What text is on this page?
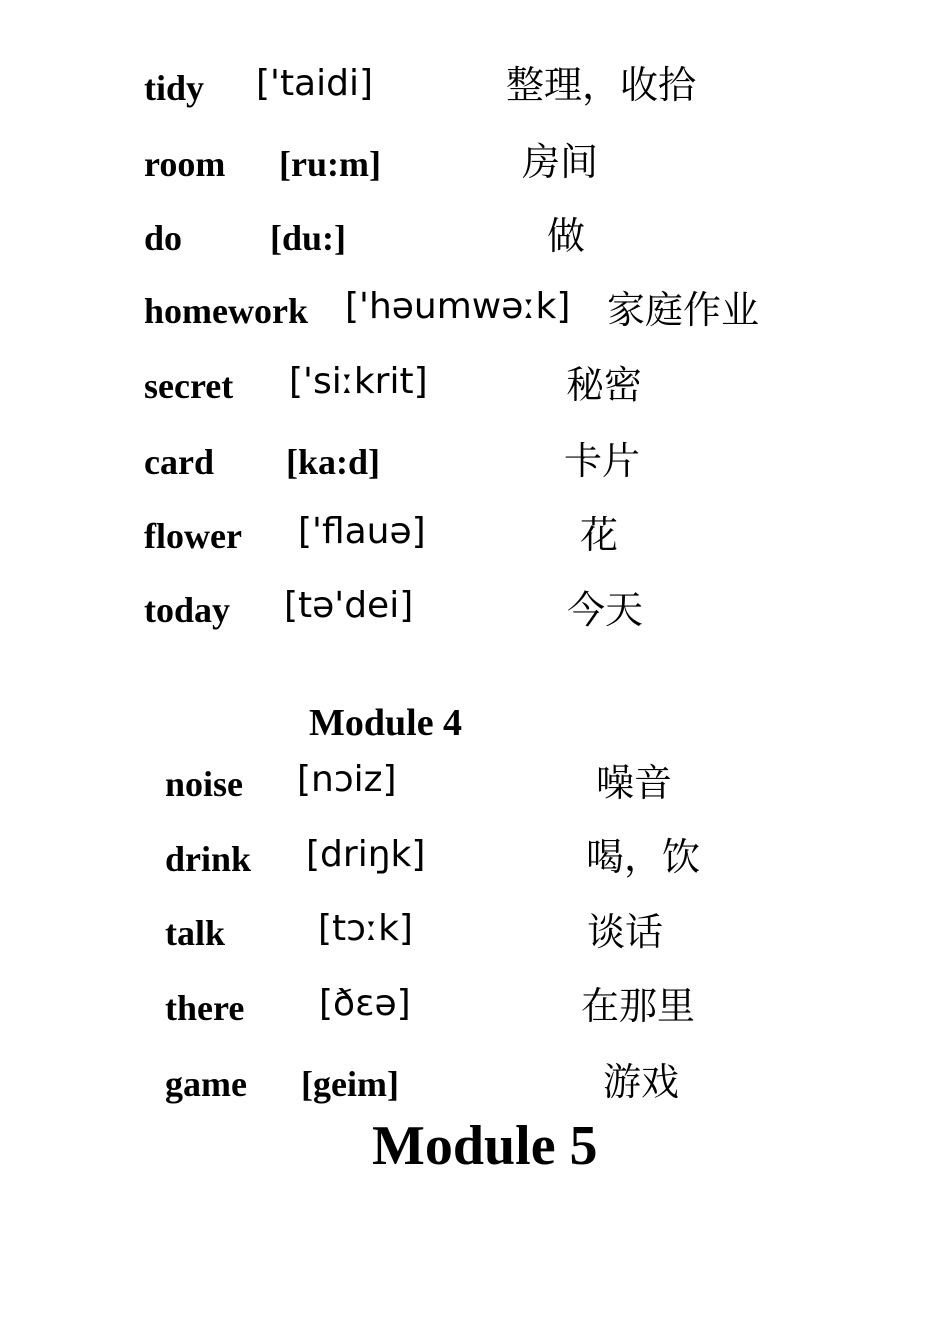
tidy ['taidi]	整理，收拾
room [ru:m]	房间
do [du:]	做
homework ['həumwəːk] 家庭作业
secret ['siːkrit]	秘密
card [ka:d]	卡片
flower ['flauə]	花
today [tə'dei]	今天
Module 4
noise [nɔiz]	噪音
drink [driŋk]	喝，饮
talk	[tɔːk]	谈话
there [ðɛə]	在那里
game [geim]	游戏
Module 5
